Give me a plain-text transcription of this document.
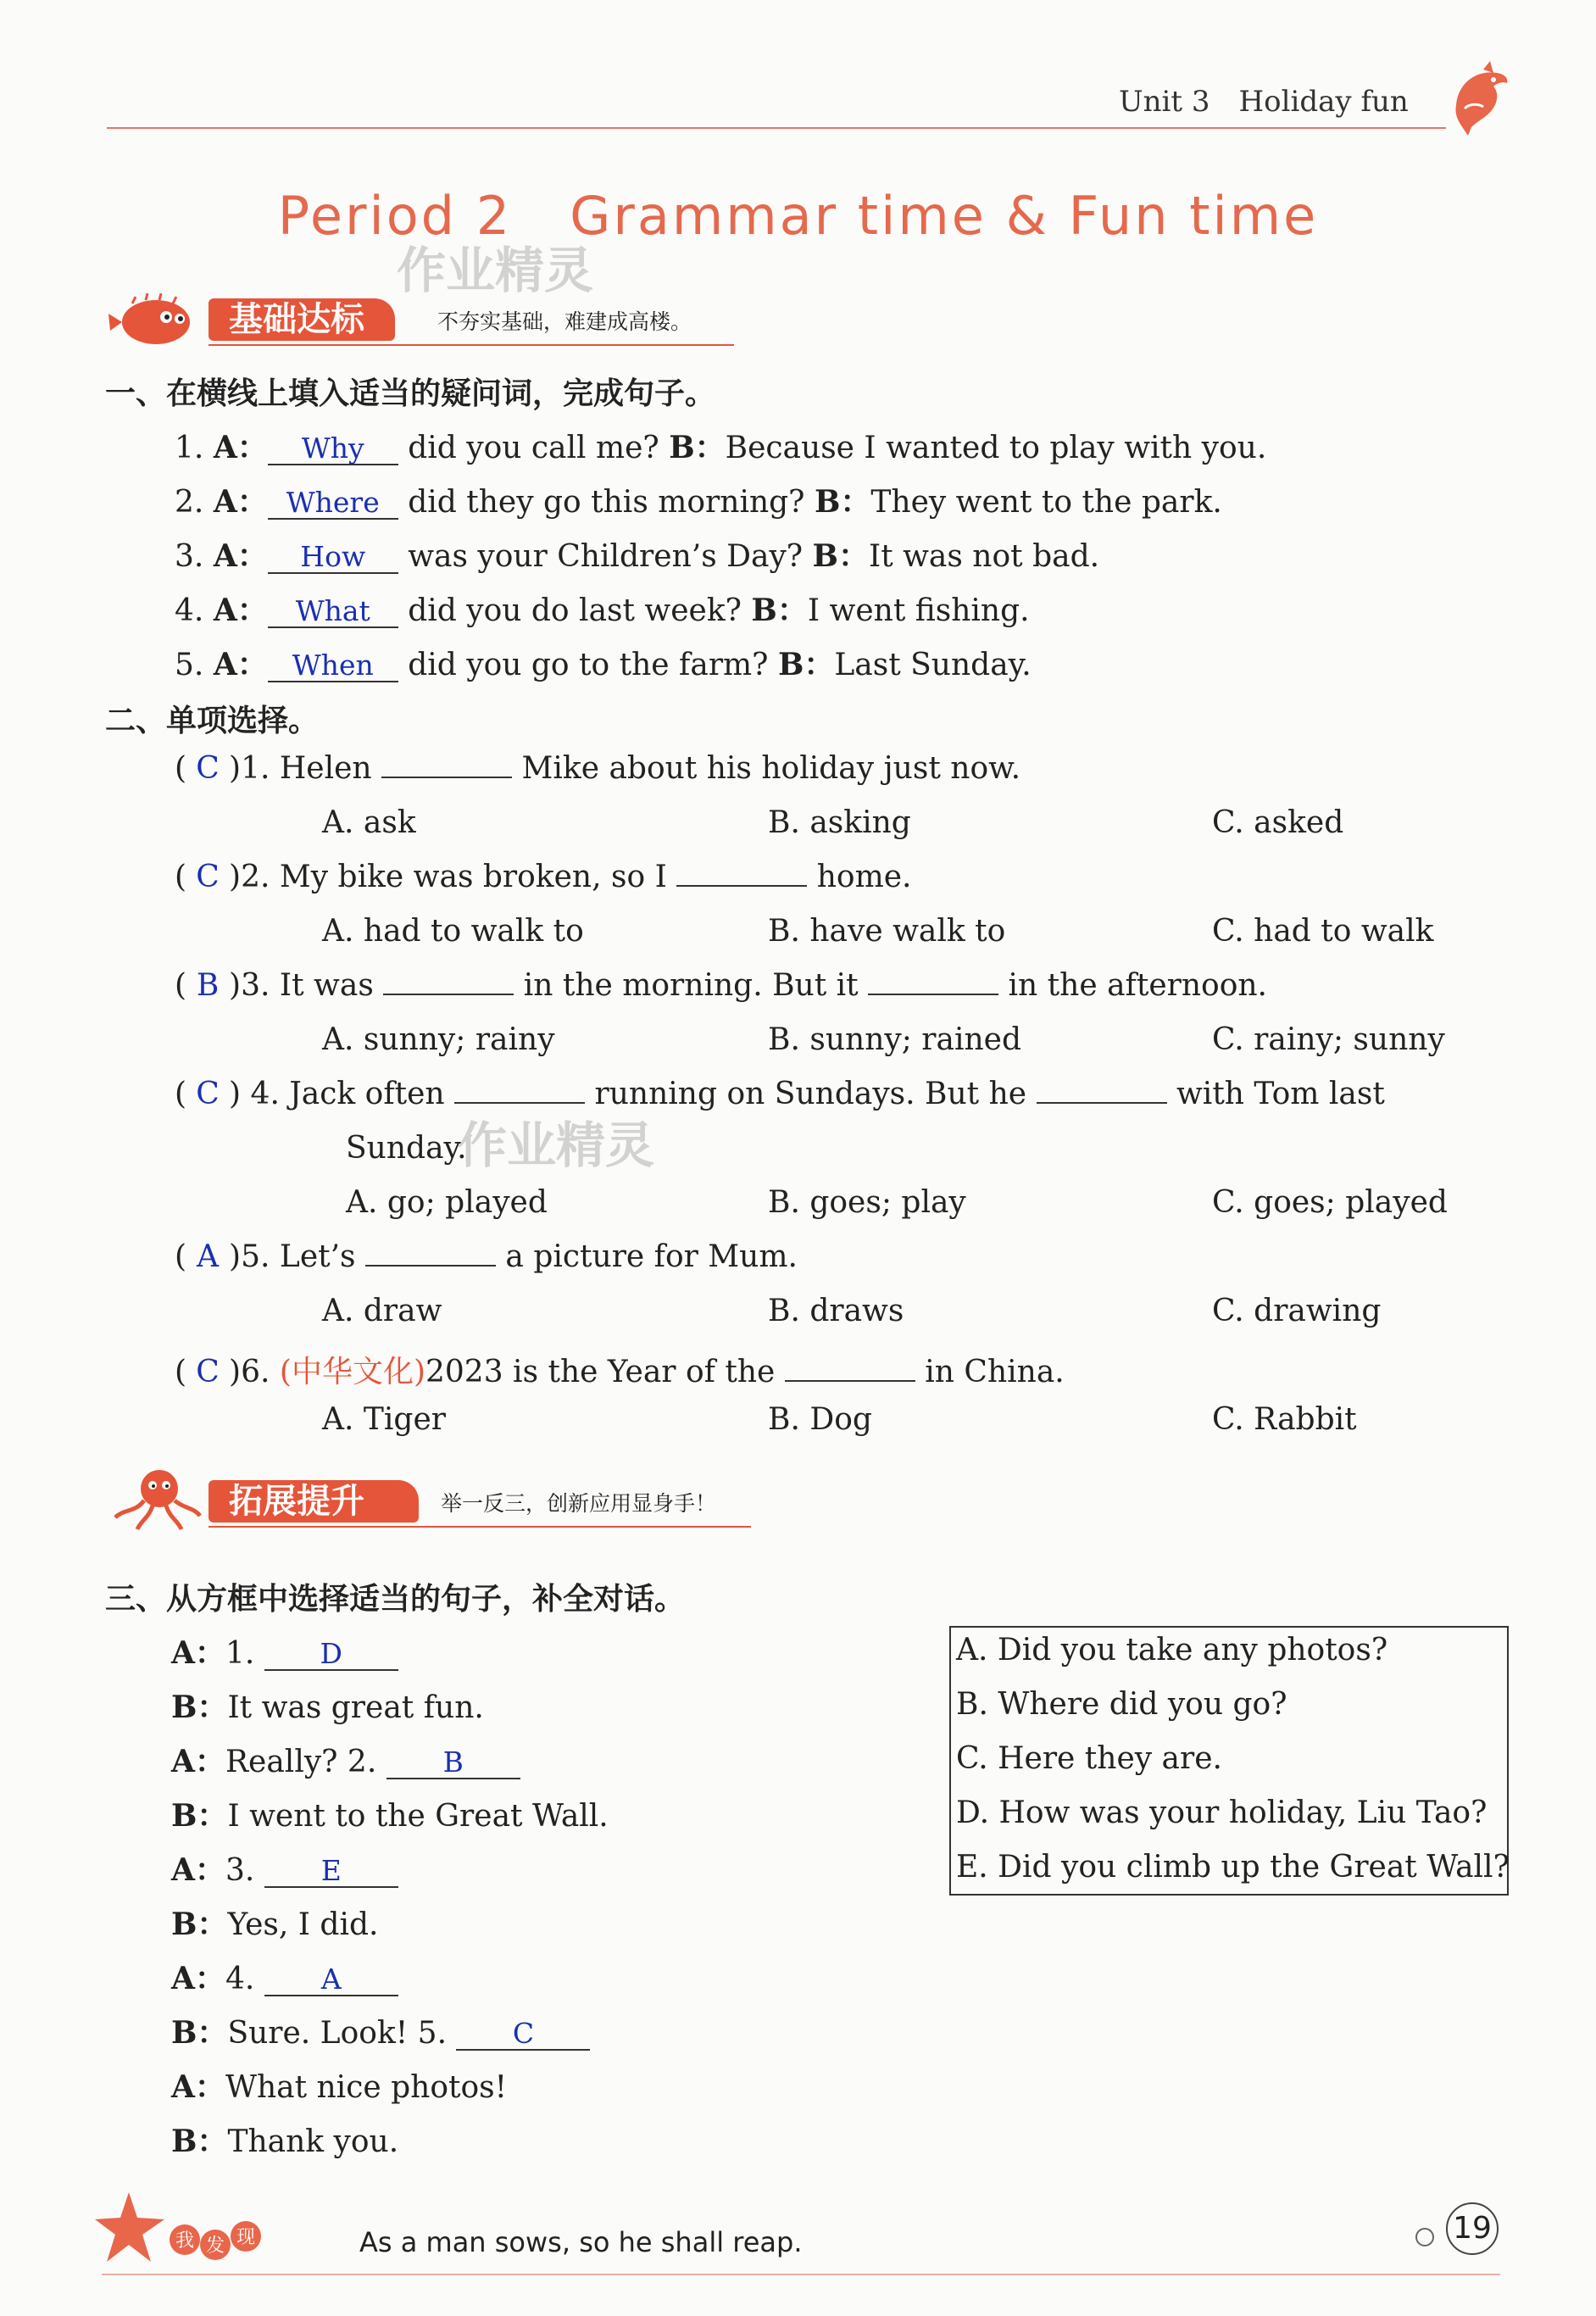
Unit 3 Holiday fun
Period 2   Grammar time & Fun time
作业精灵
基础达标	不夯实基础，难建成高楼。
一、在横线上填入适当的疑问词，完成句子。
1. A： Why did you call me? B：Because I wanted to play with you.
2. A： Where did they go this morning? B：They went to the park.
3. A： How was your Children’s Day? B：It was not bad.
4. A： What did you do last week? B：I went fishing.
5. A： When did you go to the farm? B：Last Sunday.
二、单项选择。
( C )1. Helen	Mike about his holiday just now.
A. ask	B. asking	C. asked
( C )2. My bike was broken, so I	home.
A. had to walk to	B. have walk to	C. had to walk
( B )3. It was	in the morning. But it	in the afternoon.
A. sunny; rainy	B. sunny; rained	C. rainy; sunny
( C ) 4. Jack often	running on Sundays. But he	with Tom last
Sunday.
作业精灵
A. go; played	B. goes; play	C. goes; played
( A )5. Let’s	a picture for Mum.
A. draw	B. draws	C. drawing
( C )6. (中华文化)2023 is the Year of the	in China.
A. Tiger	B. Dog	C. Rabbit
拓展提升	举一反三，创新应用显身手！
三、从方框中选择适当的句子，补全对话。
A：1. D
B：It was great fun.
A：Really? 2. B
B：I went to the Great Wall.
A：3. E
B：Yes, I did.
A：4. A
B：Sure. Look! 5. C
A：What nice photos!
B：Thank you.
A. Did you take any photos?
B. Where did you go?
C. Here they are.
D. How was your holiday, Liu Tao?
E. Did you climb up the Great Wall?
我 发 现	As a man sows, so he shall reap.	19
